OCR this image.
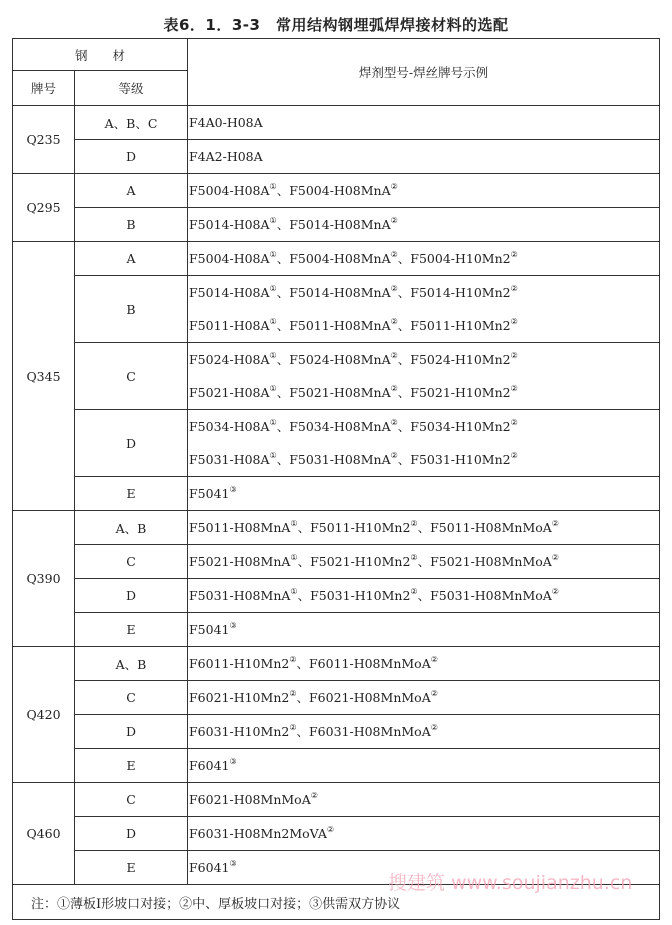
表6．1．3-3　常用结构钢埋弧焊焊接材料的选配
钢　　材		焊剂型号-焊丝牌号示例
牌号	等级	
Q235	A、B、C	F4A0-H08A

	D	F4A2-H08A

Q295	A	F5004-H08A①、F5004-H08MnA②

	B	F5014-H08A①、F5014-H08MnA②

Q345	A	F5004-H08A①、F5004-H08MnA②、F5004-H10Mn2②

	B	F5014-H08A①、F5014-H08MnA②、F5014-H10Mn2②
F5011-H08A①、F5011-H08MnA②、F5011-H10Mn2②

	C	F5024-H08A①、F5024-H08MnA②、F5024-H10Mn2②
F5021-H08A①、F5021-H08MnA②、F5021-H10Mn2②

	D	F5034-H08A①、F5034-H08MnA②、F5034-H10Mn2②
F5031-H08A①、F5031-H08MnA②、F5031-H10Mn2②

	E	F5041③

Q390	A、B	F5011-H08MnA①、F5011-H10Mn2②、F5011-H08MnMoA②

	C	F5021-H08MnA①、F5021-H10Mn2②、F5021-H08MnMoA②

	D	F5031-H08MnA①、F5031-H10Mn2②、F5031-H08MnMoA②

	E	F5041③

Q420	A、B	F6011-H10Mn2②、F6011-H08MnMoA②

	C	F6021-H10Mn2②、F6021-H08MnMoA②

	D	F6031-H10Mn2②、F6031-H08MnMoA②

	E	F6041③

Q460	C	F6021-H08MnMoA②

	D	F6031-H08Mn2MoVA②

	E	F6041③

注：①薄板Ⅰ形坡口对接；②中、厚板坡口对接；③供需双方协议		
搜建筑 www.soujianzhu.cn
